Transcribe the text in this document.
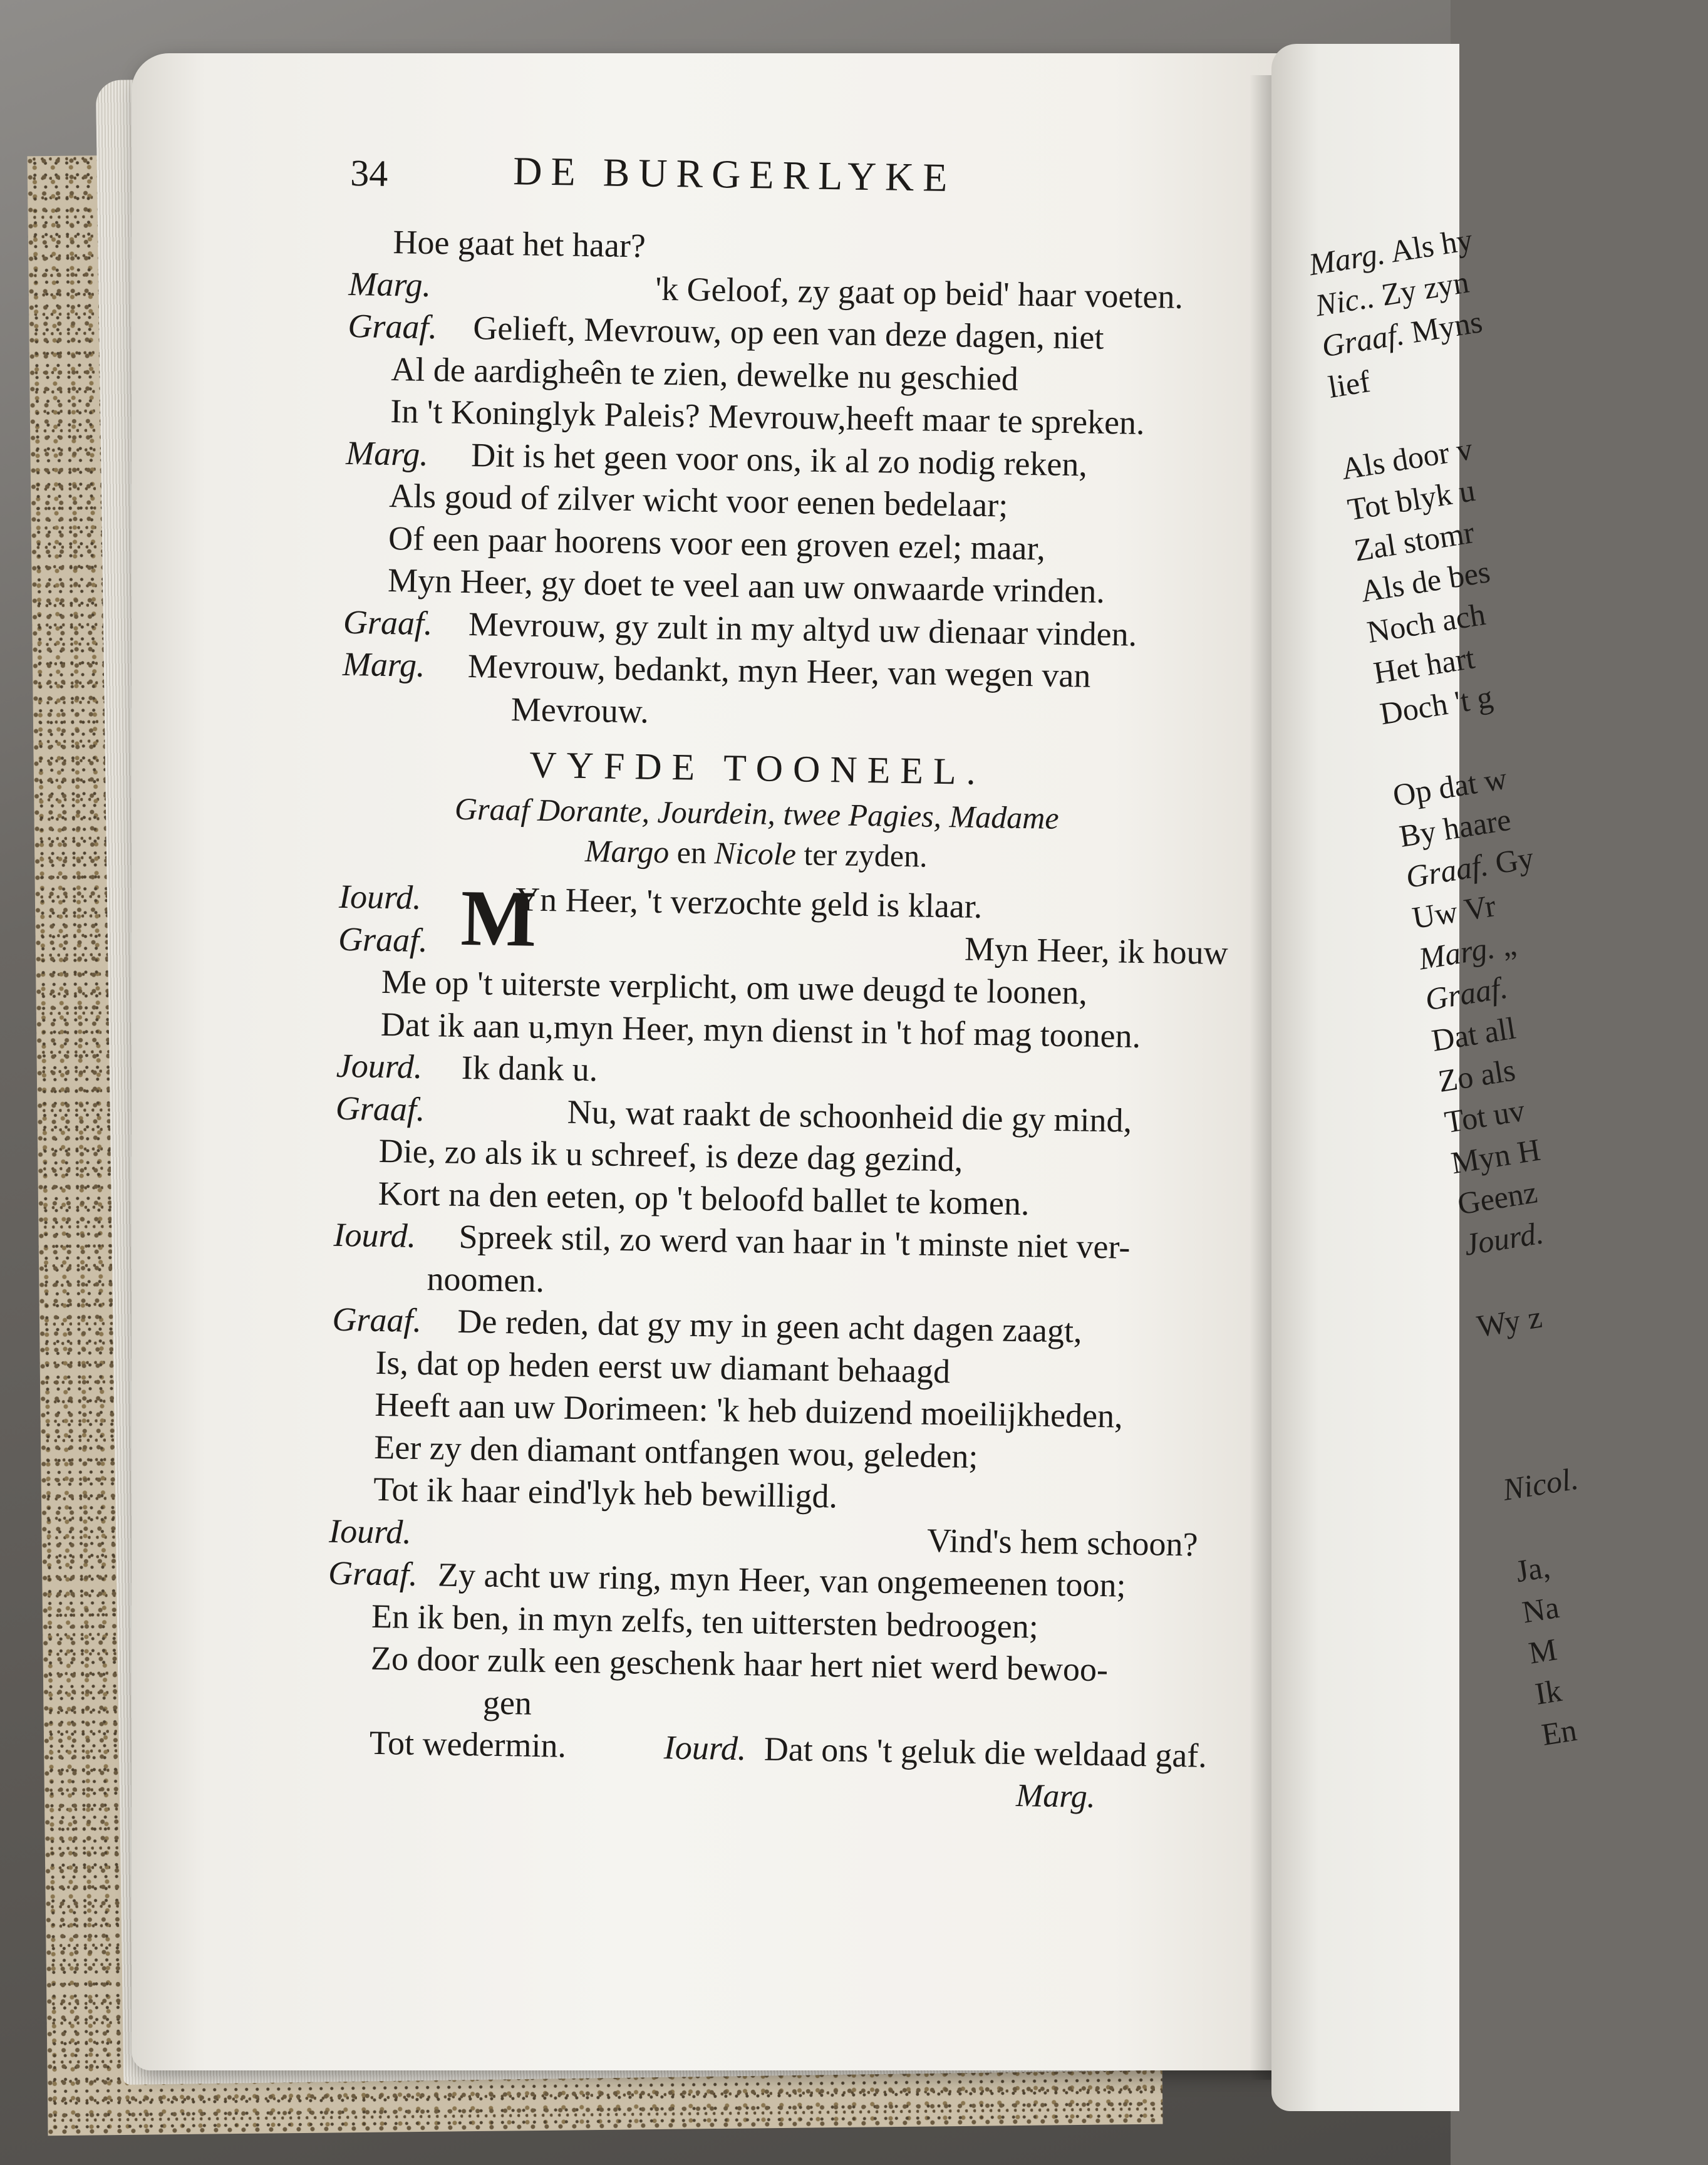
Marg. Als hy
Nic.. Zy zyn
Graaf. Myns
lief
Als door v
Tot blyk u
Zal stomr
Als de bes
Noch ach
Het hart
Doch 't g
Op dat w
By haare
Graaf. Gy
Uw Vr
Marg. „
Graaf.
Dat all
Zo als
Tot uv
Myn H
Geenz
Jourd.
Wy z
Nicol.
Ja,
Na
M
Ik
En
34	DE BURGERLYKE
Hoe gaat het haar?
Marg.	'k Geloof, zy gaat op beid' haar voeten.
Graaf. Gelieft, Mevrouw, op een van deze dagen, niet
Al de aardigheên te zien, dewelke nu geschied
In 't Koninglyk Paleis? Mevrouw,heeft maar te spreken.
Marg. Dit is het geen voor ons, ik al zo nodig reken,
Als goud of zilver wicht voor eenen bedelaar;
Of een paar hoorens voor een groven ezel; maar,
Myn Heer, gy doet te veel aan uw onwaarde vrinden.
Graaf. Mevrouw, gy zult in my altyd uw dienaar vinden.
Marg. Mevrouw, bedankt, myn Heer, van wegen van
Mevrouw.
VYFDE TOONEEL.
Graaf Dorante, Jourdein, twee Pagies, Madame
Margo en Nicole ter zyden.
M
Iourd.	Yn Heer, 't verzochte geld is klaar.
Graaf.	Myn Heer, ik houw
Me op 't uiterste verplicht, om uwe deugd te loonen,
Dat ik aan u,myn Heer, myn dienst in 't hof mag toonen.
Jourd. Ik dank u.
Graaf.	Nu, wat raakt de schoonheid die gy mind,
Die, zo als ik u schreef, is deze dag gezind,
Kort na den eeten, op 't beloofd ballet te komen.
Iourd. Spreek stil, zo werd van haar in 't minste niet ver-
noomen.
Graaf. De reden, dat gy my in geen acht dagen zaagt,
Is, dat op heden eerst uw diamant behaagd
Heeft aan uw Dorimeen: 'k heb duizend moeilijkheden,
Eer zy den diamant ontfangen wou, geleden;
Tot ik haar eind'lyk heb bewilligd.
Iourd.	Vind's hem schoon?
Graaf. Zy acht uw ring, myn Heer, van ongemeenen toon;
En ik ben, in myn zelfs, ten uittersten bedroogen;
Zo door zulk een geschenk haar hert niet werd bewoo-
gen
Tot wedermin.	Iourd. Dat ons 't geluk die weldaad gaf.
Marg.
